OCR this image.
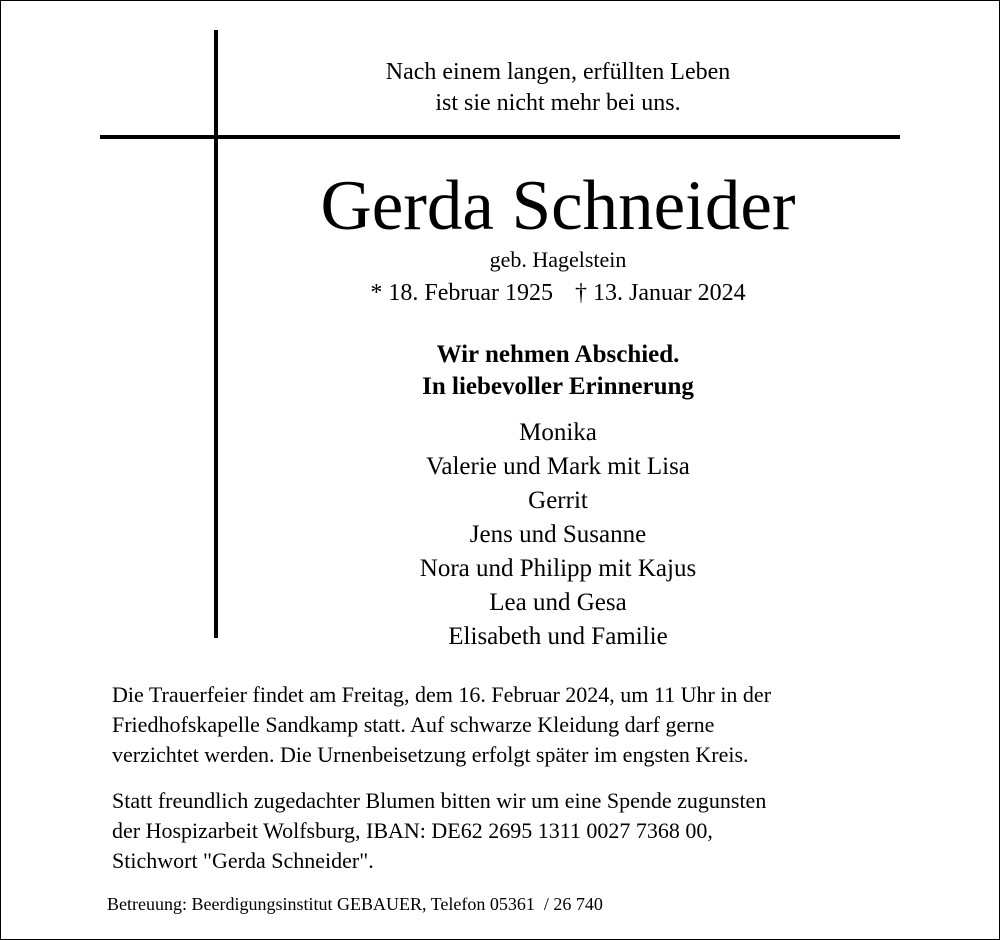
Nach einem langen, erfüllten Leben
ist sie nicht mehr bei uns.
Gerda Schneider
geb. Hagelstein
* 18. Februar 1925 † 13. Januar 2024
Wir nehmen Abschied.
In liebevoller Erinnerung
Monika
Valerie und Mark mit Lisa
Gerrit
Jens und Susanne
Nora und Philipp mit Kajus
Lea und Gesa
Elisabeth und Familie
Die Trauerfeier findet am Freitag, dem 16. Februar 2024, um 11 Uhr in der
Friedhofskapelle Sandkamp statt. Auf schwarze Kleidung darf gerne
verzichtet werden. Die Urnenbeisetzung erfolgt später im engsten Kreis.
Statt freundlich zugedachter Blumen bitten wir um eine Spende zugunsten
der Hospizarbeit Wolfsburg, IBAN: DE62 2695 1311 0027 7368 00,
Stichwort "Gerda Schneider".
Betreuung: Beerdigungsinstitut GEBAUER, Telefon 05361  / 26 740
